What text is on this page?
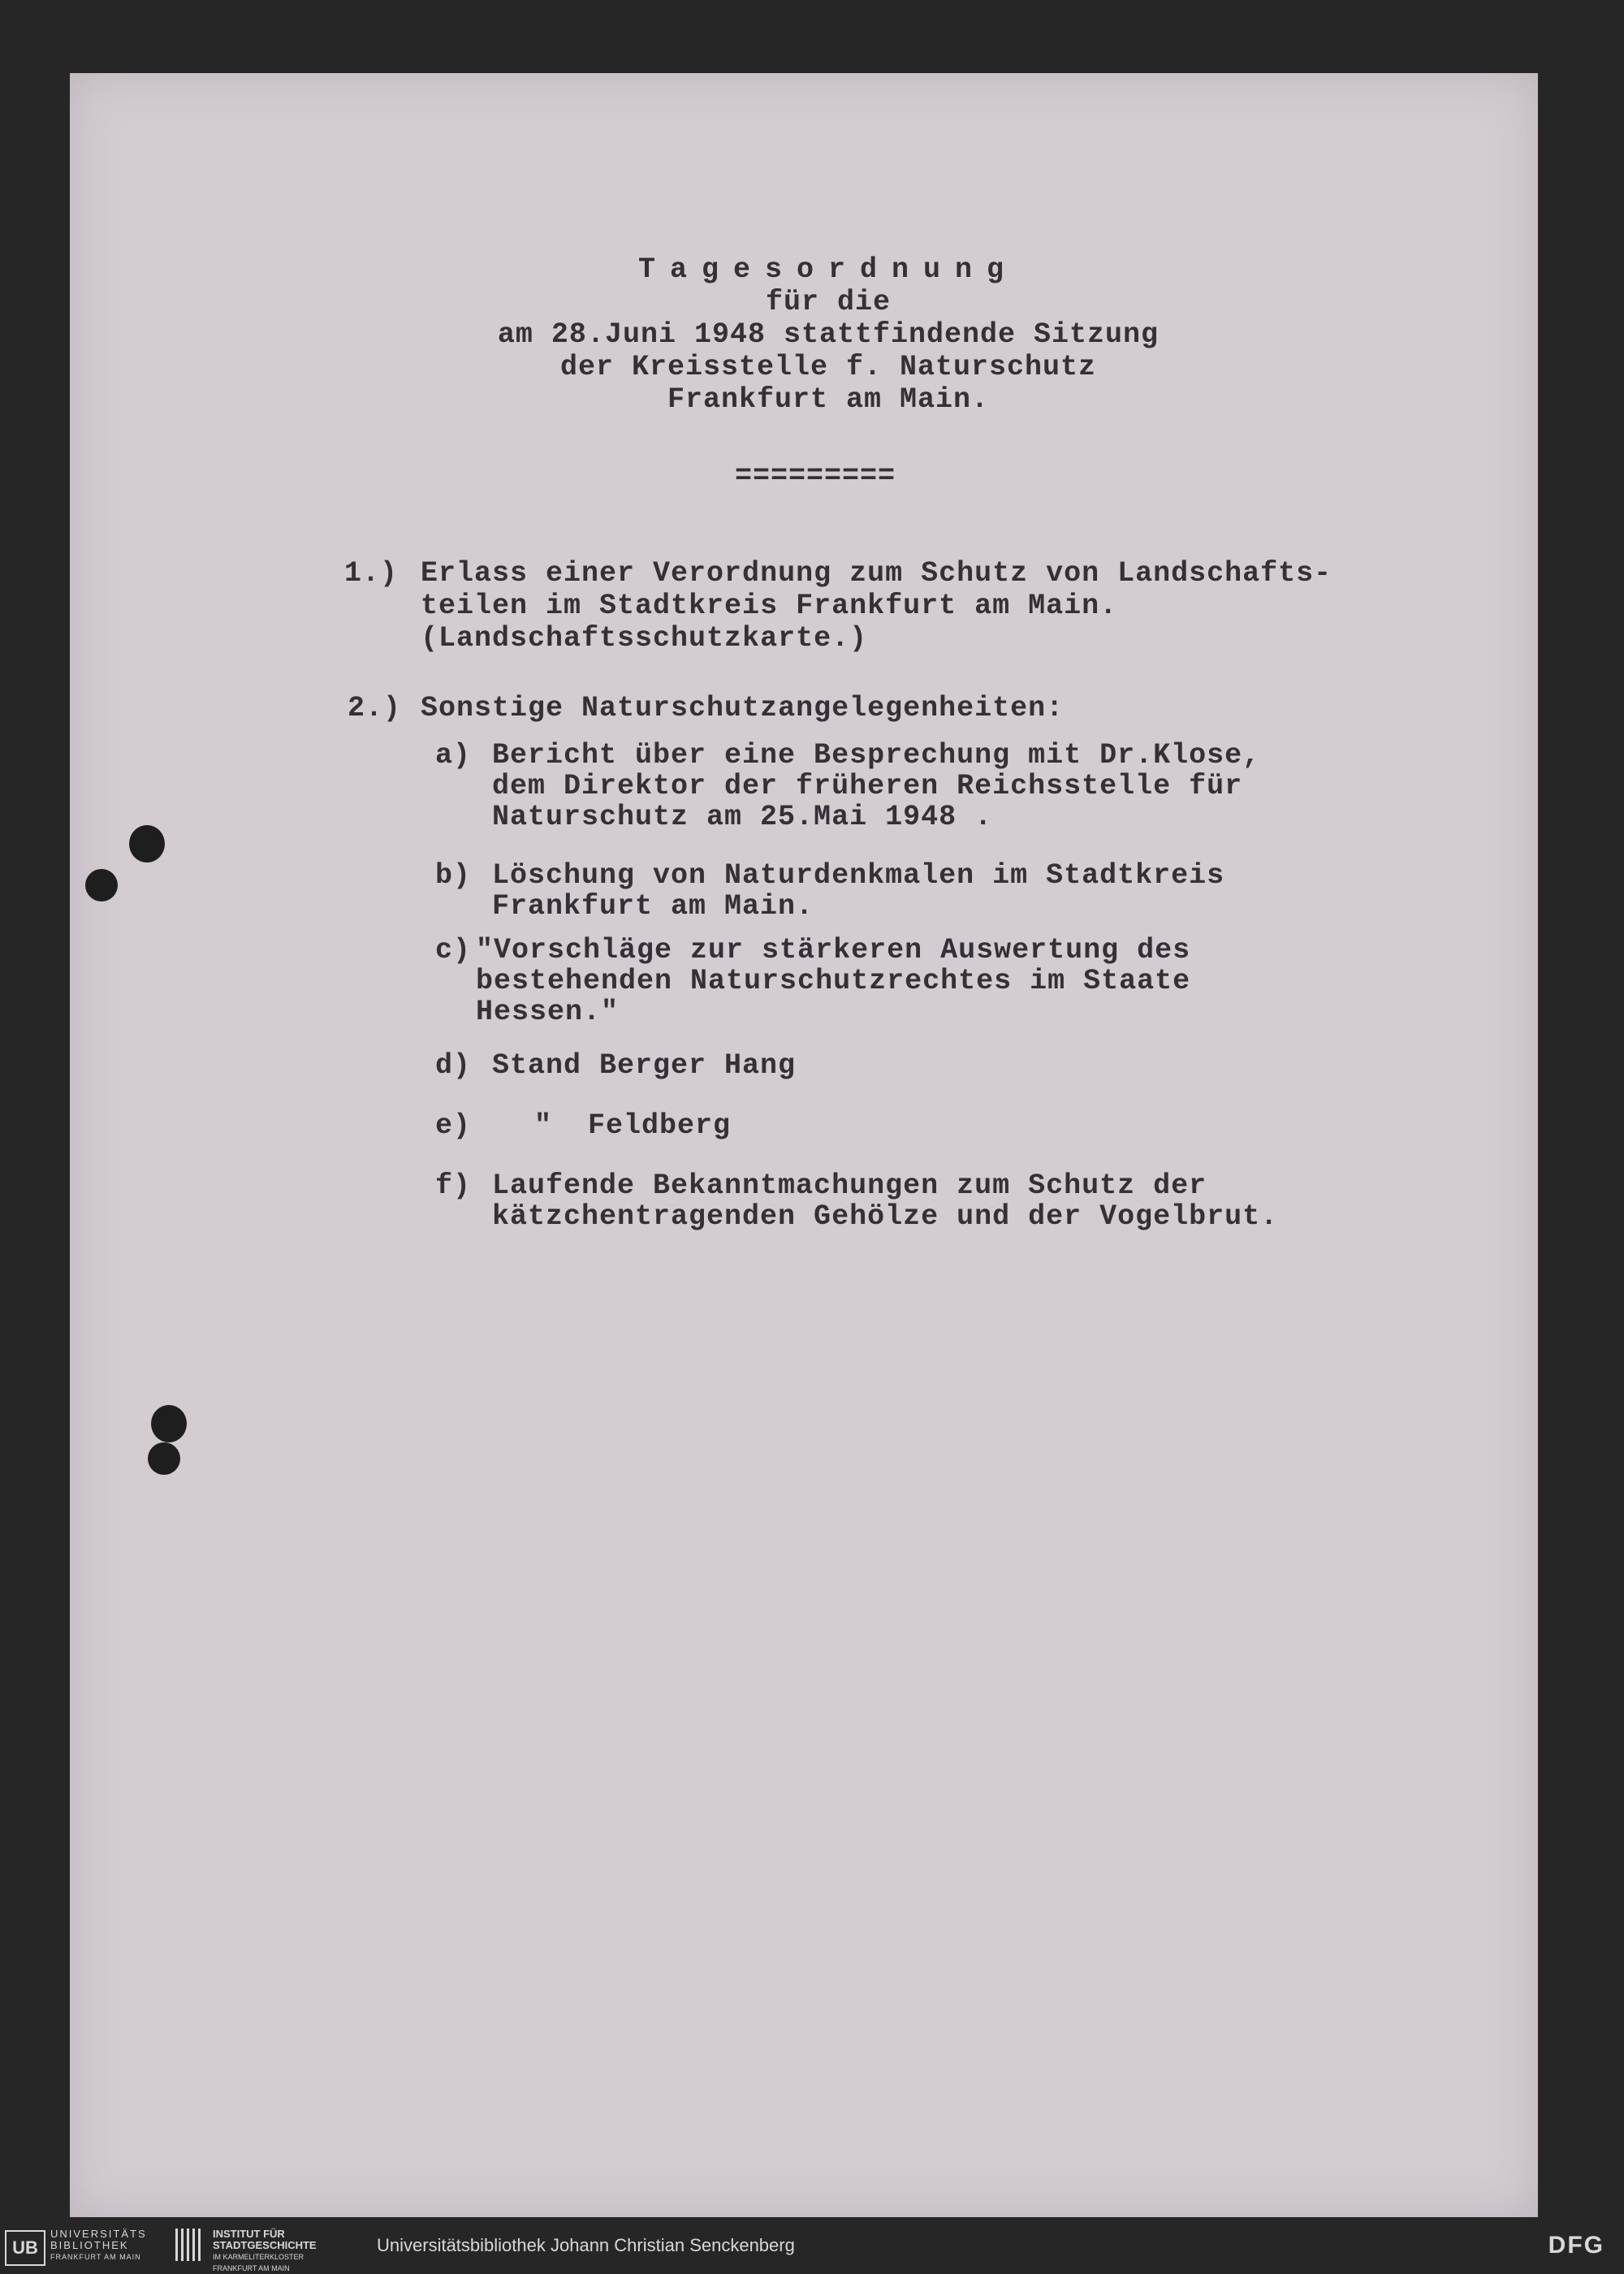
Tagesordnung
für die
am 28.Juni 1948 stattfindende Sitzung
der Kreisstelle f. Naturschutz
Frankfurt am Main.
=========
1.) Erlass einer Verordnung zum Schutz von Landschafts-
teilen im Stadtkreis Frankfurt am Main.
(Landschaftsschutzkarte.)
2.) Sonstige Naturschutzangelegenheiten:
a) Bericht über eine Besprechung mit Dr.Klose,
dem Direktor der früheren Reichsstelle für
Naturschutz am 25.Mai 1948 .
b) Löschung von Naturdenkmalen im Stadtkreis
Frankfurt am Main.
c) "Vorschläge zur stärkeren Auswertung des
bestehenden Naturschutzrechtes im Staate
Hessen."
d) Stand Berger Hang
e) "  Feldberg
f) Laufende Bekanntmachungen zum Schutz der
kätzchentragenden Gehölze und der Vogelbrut.
UB
UNIVERSITÄTS
BIBLIOTHEK
FRANKFURT AM MAIN
INSTITUT FÜR
STADTGESCHICHTE
IM KARMELITERKLOSTER
FRANKFURT AM MAIN
Universitätsbibliothek Johann Christian Senckenberg	DFG
